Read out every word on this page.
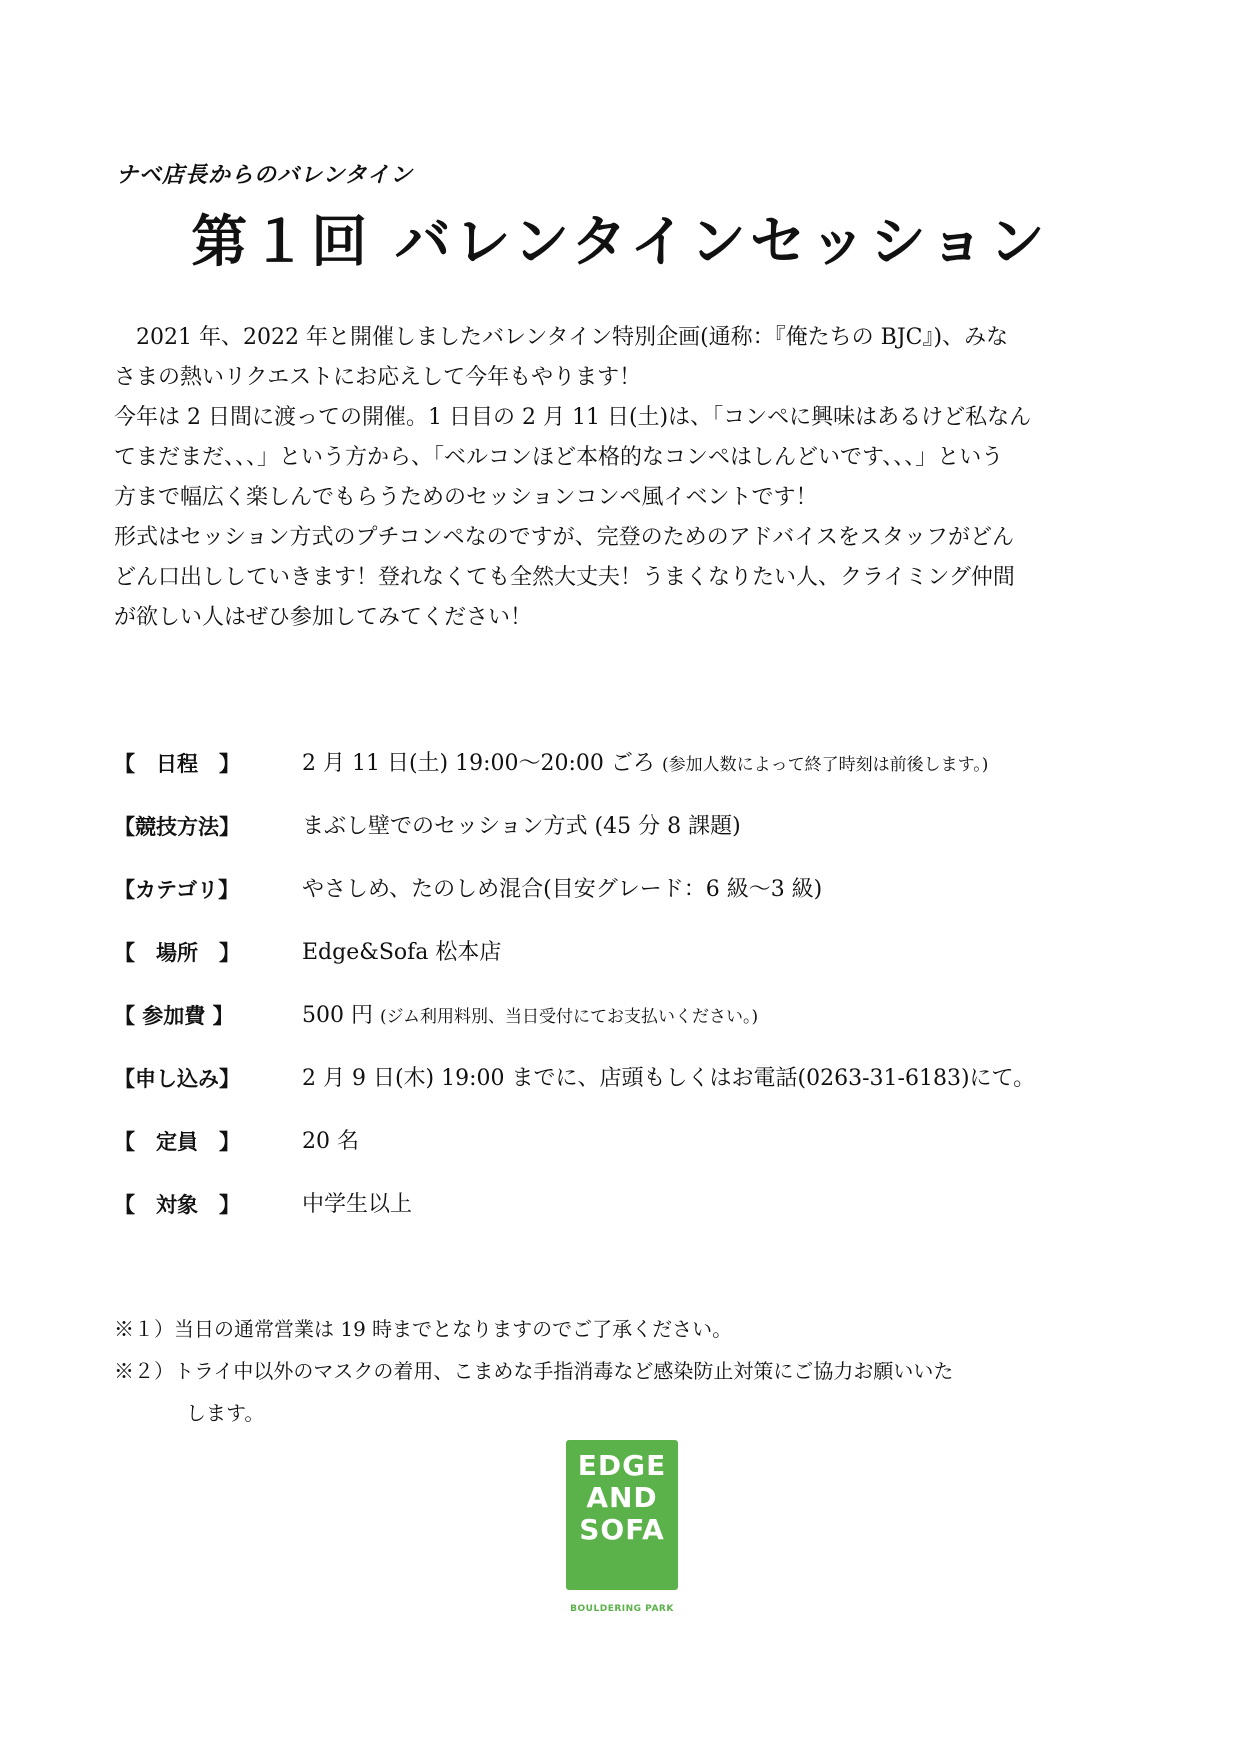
ナベ店長からのバレンタイン
第１回 バレンタインセッション

　2021 年、2022 年と開催しましたバレンタイン特別企画(通称：『俺たちの BJC』)、みな

さまの熱いリクエストにお応えして今年もやります！

今年は 2 日間に渡っての開催。1 日目の 2 月 11 日(土)は、「コンペに興味はあるけど私なん

てまだまだ、、、」という方から、「ベルコンほど本格的なコンペはしんどいです、、、」という

方まで幅広く楽しんでもらうためのセッションコンペ風イベントです！

形式はセッション方式のプチコンペなのですが、完登のためのアドバイスをスタッフがどん

どん口出ししていきます！登れなくても全然大丈夫！うまくなりたい人、クライミング仲間

が欲しい人はぜひ参加してみてください！

【　日程　】	2 月 11 日(土) 19:00〜20:00 ごろ (参加人数によって終了時刻は前後します。)
【競技方法】	まぶし壁でのセッション方式 (45 分 8 課題)
【カテゴリ】	やさしめ、たのしめ混合(目安グレード：6 級〜3 級)
【　場所　】	Edge&Sofa 松本店
【 参加費 】	500 円 (ジム利用料別、当日受付にてお支払いください。)
【申し込み】	2 月 9 日(木) 19:00 までに、店頭もしくはお電話(0263-31-6183)にて。
【　定員　】	20 名
【　対象　】	中学生以上

※１）当日の通常営業は 19 時までとなりますのでご了承ください。

※２）トライ中以外のマスクの着用、こまめな手指消毒など感染防止対策にご協力お願いいた

します。

EDGE
AND
SOFA
BOULDERING PARK
